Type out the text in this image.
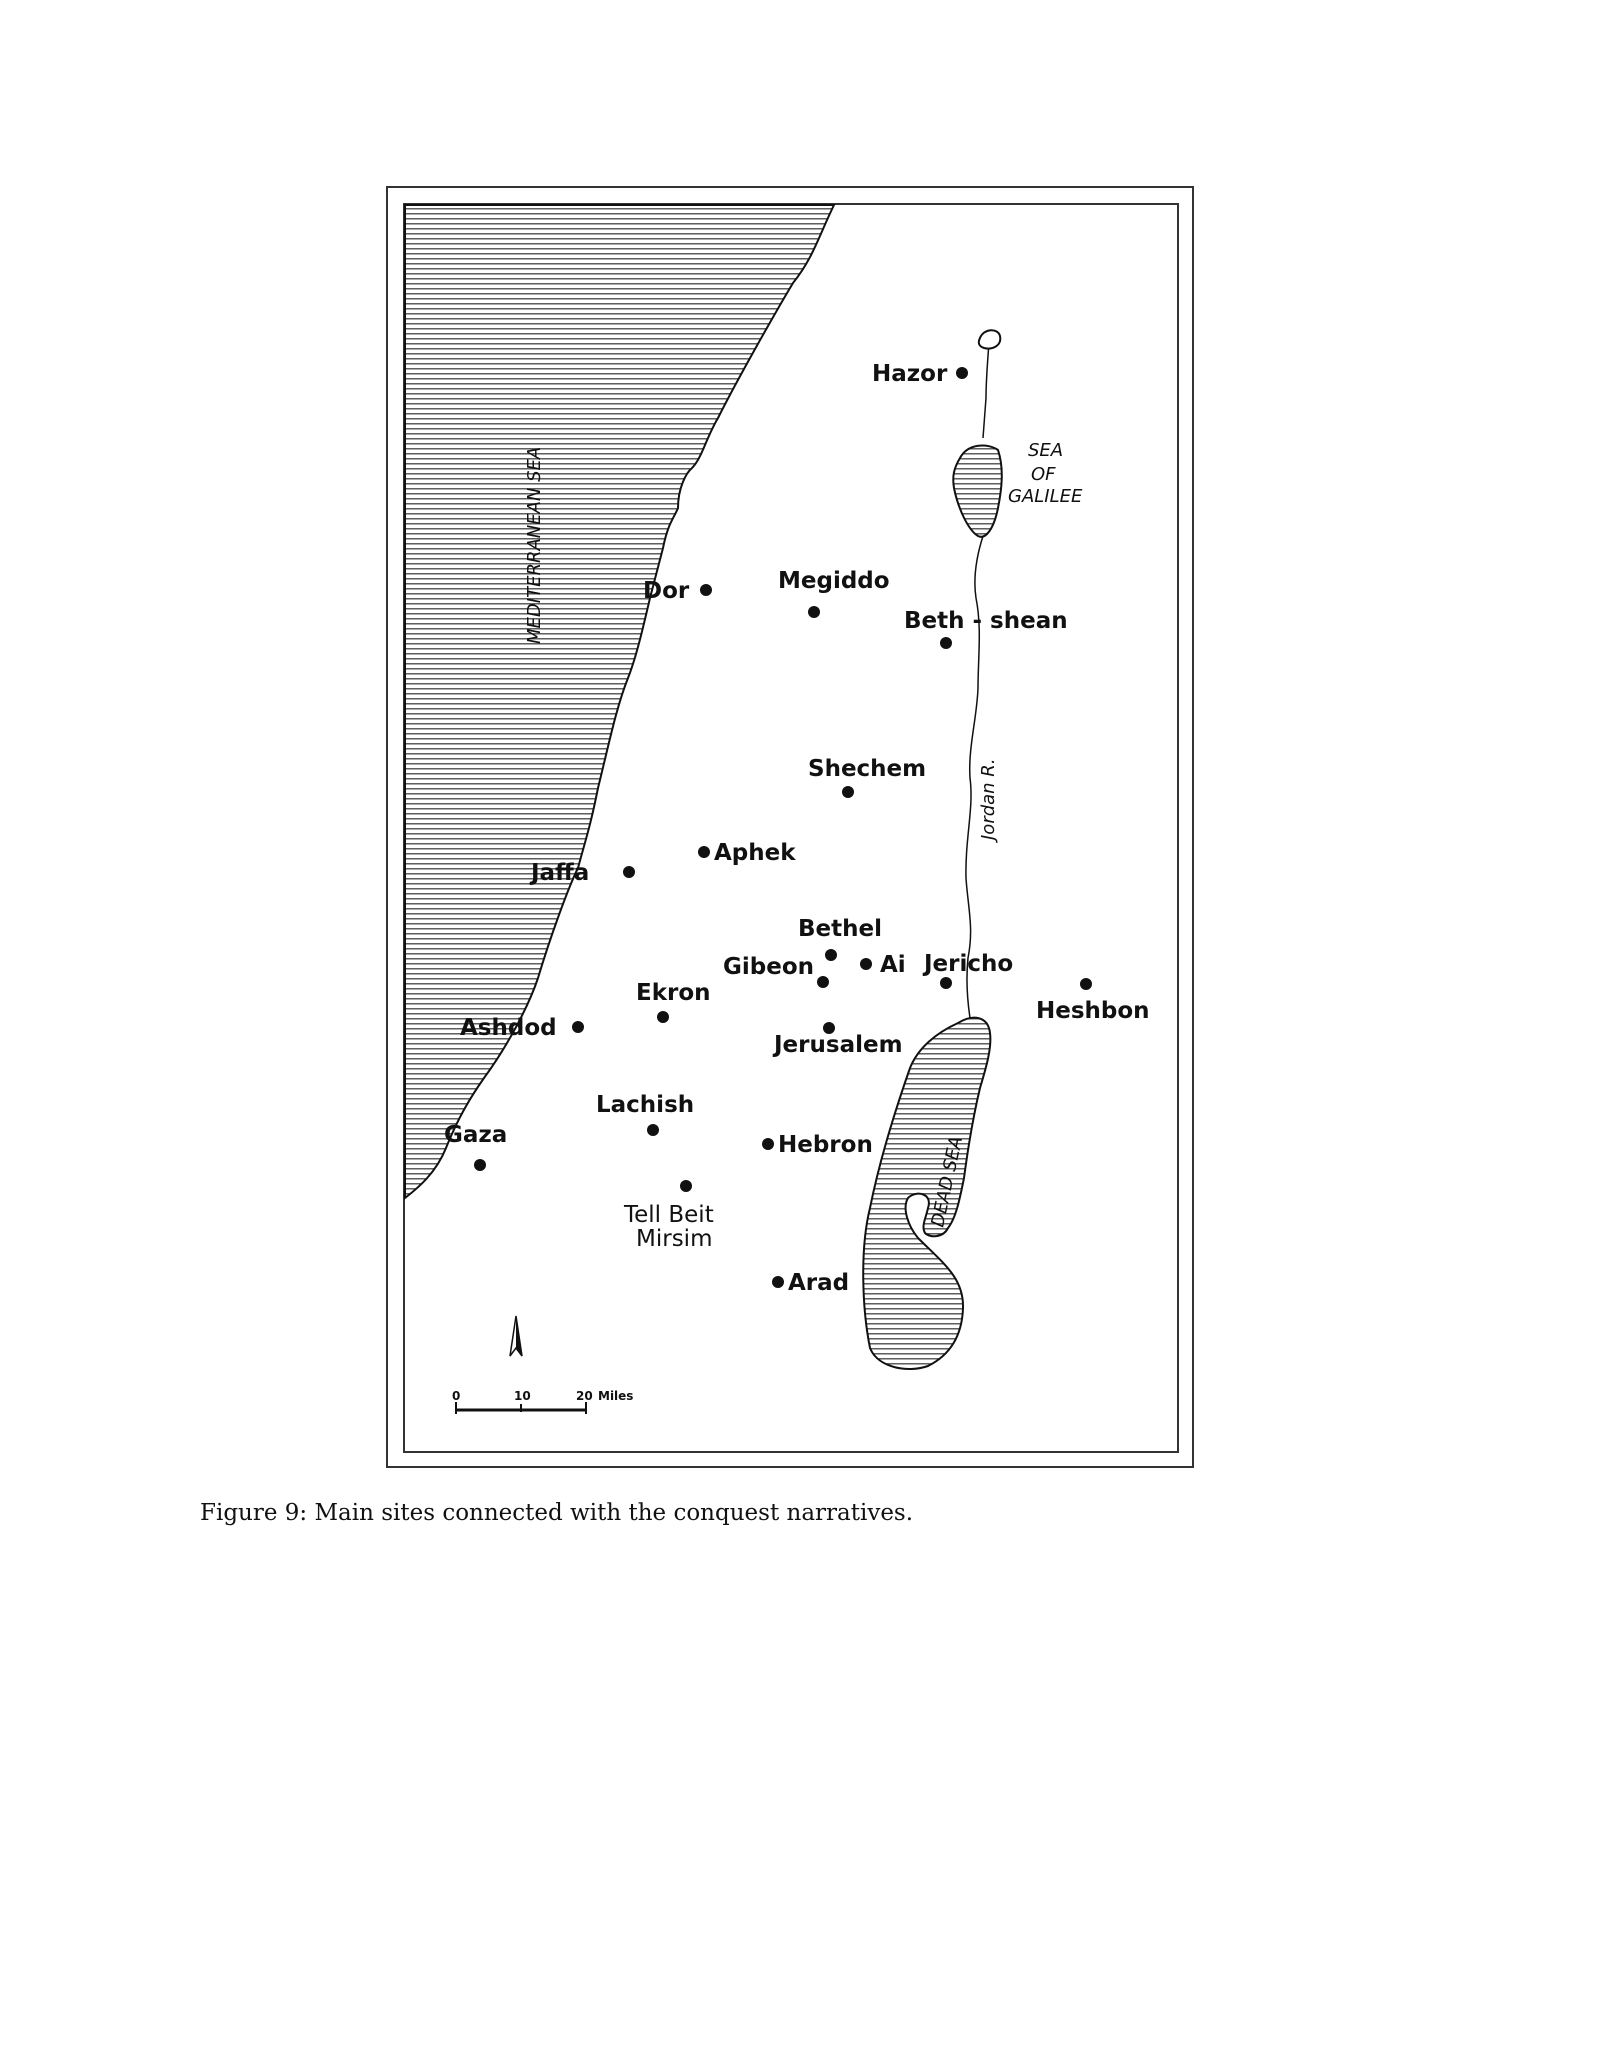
MEDITERRANEAN SEA
Jordan R.
SEA
OF
GALILEE
DEAD SEA
Hazor
Dor	Megiddo
Beth - shean
Shechem
Aphek
Jaffa
Bethel
Ai
Gibeon	Jericho
Heshbon
Ekron
Ashdod
Jerusalem
Lachish
Gaza	Hebron
Tell Beit
Mirsim
Arad
0	10	20 Miles
Figure 9: Main sites connected with the conquest narratives.
